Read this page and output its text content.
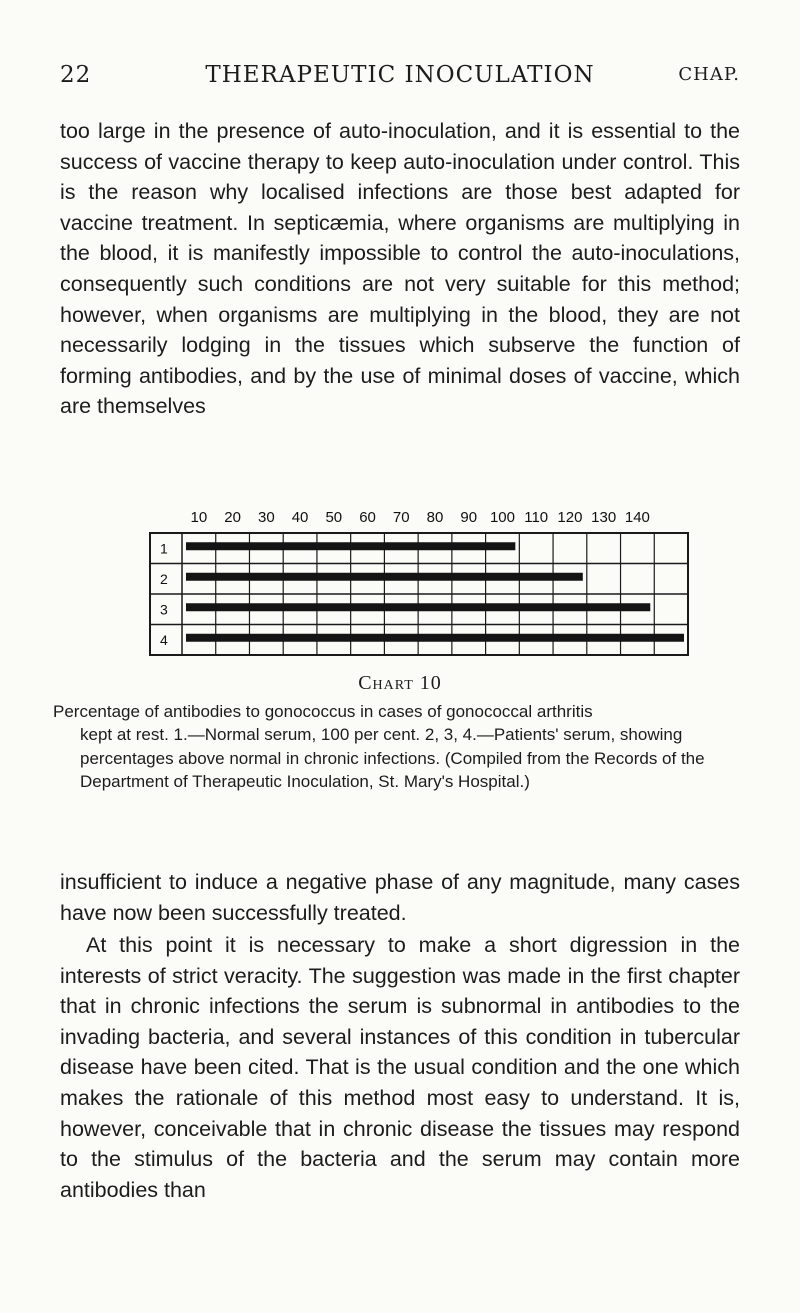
22	THERAPEUTIC INOCULATION	CHAP.

too large in the presence of auto-inoculation, and it is essential to the success of vaccine therapy to keep auto-inoculation under control. This is the reason why localised infections are those best adapted for vaccine treatment. In septicæmia, where organisms are multiplying in the blood, it is manifestly impossible to control the auto-inoculations, consequently such conditions are not very suitable for this method; however, when organisms are multiplying in the blood, they are not necessarily lodging in the tissues which subserve the function of forming antibodies, and by the use of minimal doses of vaccine, which are themselves

10 20 30 40 50 60 70 80 90 100 110 120 130 140
1
2
3
4
Chart 10

Percentage of antibodies to gonococcus in cases of gonococcal arthritis
kept at rest. 1.—Normal serum, 100 per cent. 2, 3, 4.—Patients' serum, showing percentages above normal in chronic infections. (Compiled from the Records of the Department of Therapeutic Inoculation, St. Mary's Hospital.)

insufficient to induce a negative phase of any magnitude, many cases have now been successfully treated.

At this point it is necessary to make a short digression in the interests of strict veracity. The suggestion was made in the first chapter that in chronic infections the serum is subnormal in antibodies to the invading bacteria, and several instances of this condition in tubercular disease have been cited. That is the usual condition and the one which makes the rationale of this method most easy to understand. It is, however, conceivable that in chronic disease the tissues may respond to the stimulus of the bacteria and the serum may contain more antibodies than
